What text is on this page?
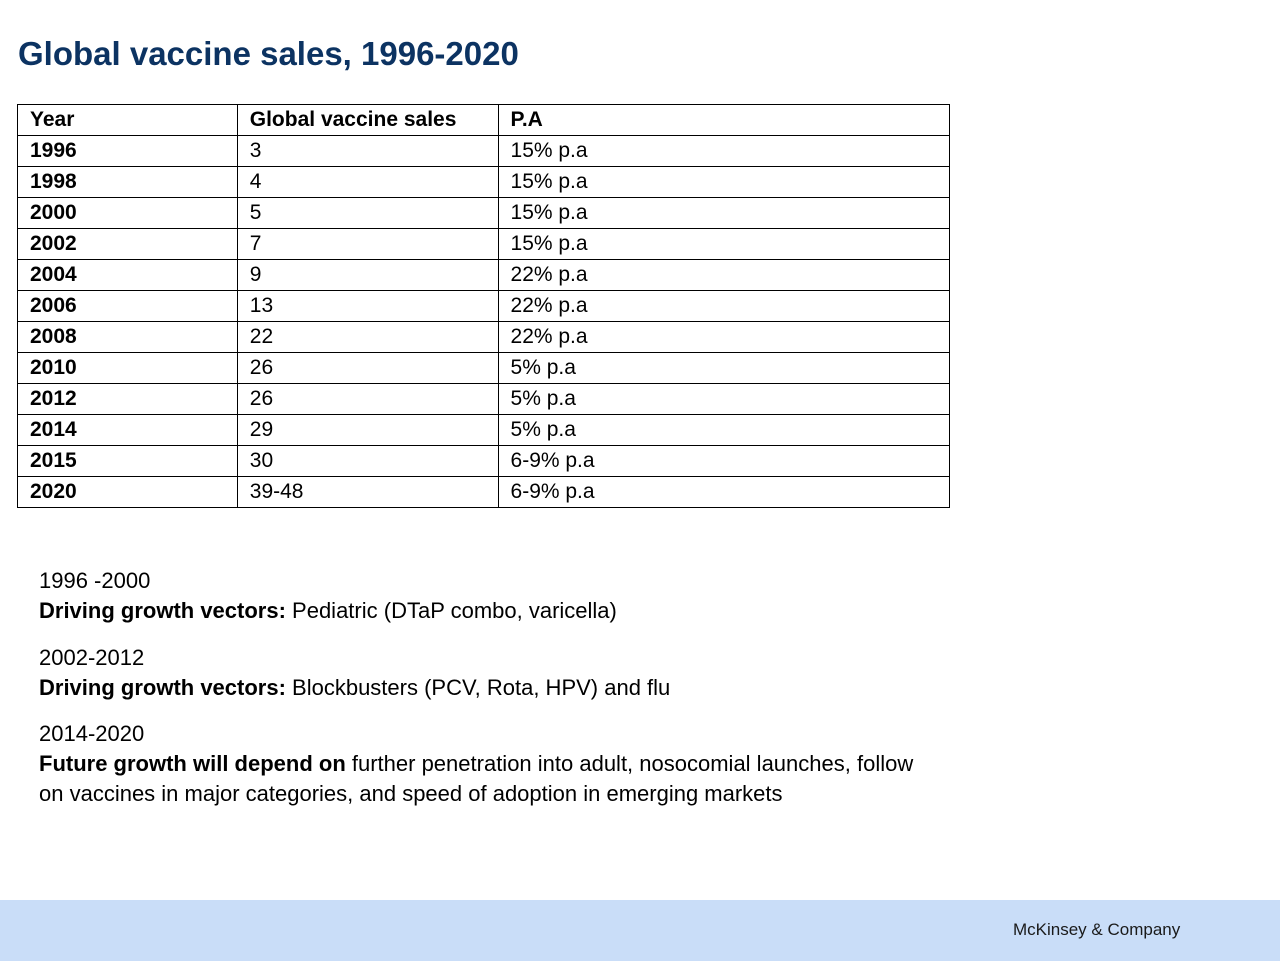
Global vaccine sales, 1996-2020
Year	Global vaccine sales	P.A
1996	3	15% p.a
1998	4	15% p.a
2000	5	15% p.a
2002	7	15% p.a
2004	9	22% p.a
2006	13	22% p.a
2008	22	22% p.a
2010	26	5% p.a
2012	26	5% p.a
2014	29	5% p.a
2015	30	6-9% p.a
2020	39-48	6-9% p.a
1996 -2000
Driving growth vectors: Pediatric (DTaP combo, varicella)
2002-2012
Driving growth vectors: Blockbusters (PCV, Rota, HPV) and flu
2014-2020
Future growth will depend on further penetration into adult, nosocomial launches, follow on vaccines in major categories, and speed of adoption in emerging markets
McKinsey & Company
